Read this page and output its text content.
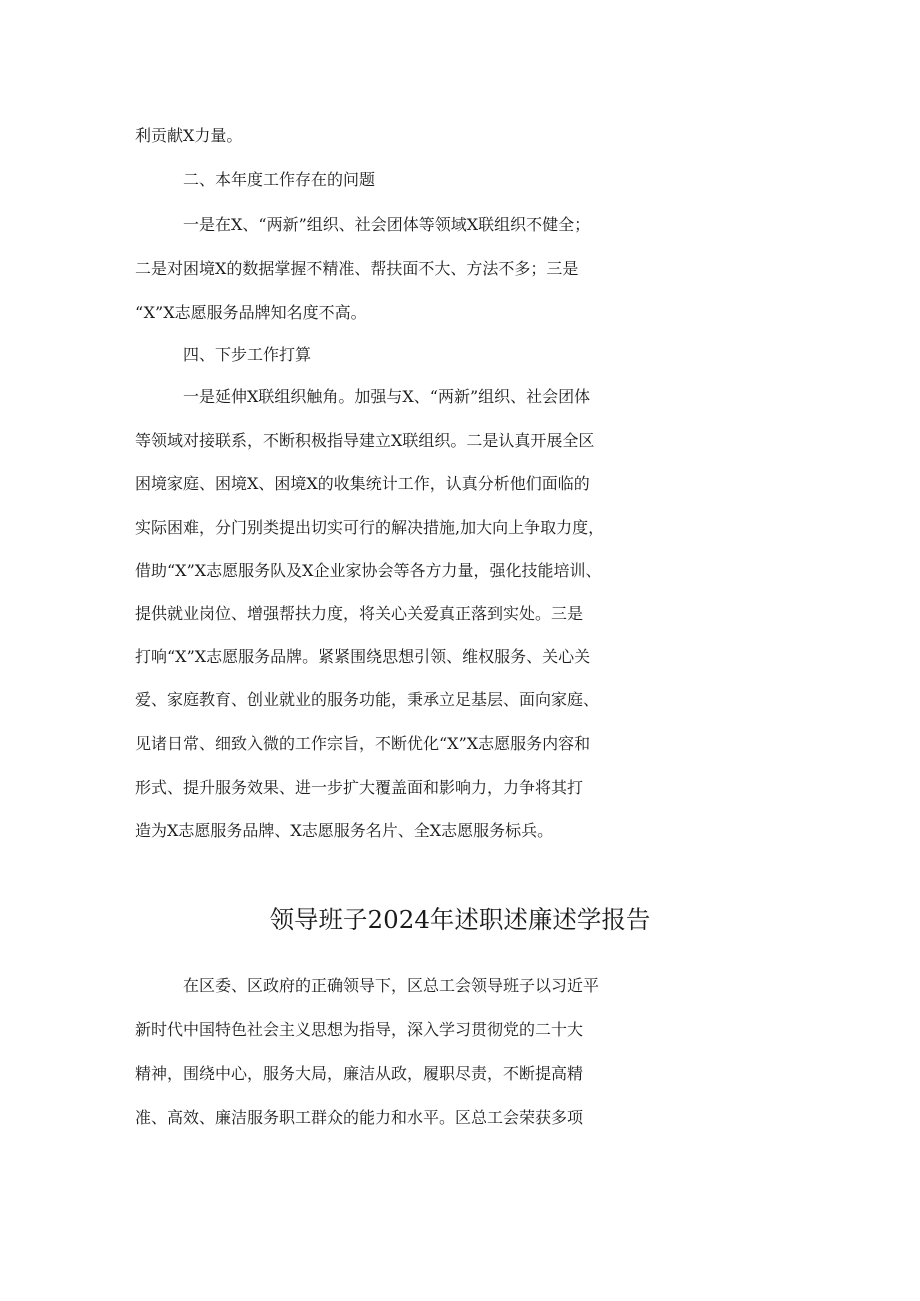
利贡献X力量。
二、本年度工作存在的问题
一是在X、“两新”组织、社会团体等领域X联组织不健全；
二是对困境X的数据掌握不精准、帮扶面不大、方法不多；三是
“X”X志愿服务品牌知名度不高。
四、下步工作打算
一是延伸X联组织触角。加强与X、“两新”组织、社会团体
等领域对接联系，不断积极指导建立X联组织。二是认真开展全区
困境家庭、困境X、困境X的收集统计工作，认真分析他们面临的
实际困难，分门别类提出切实可行的解决措施,加大向上争取力度，
借助“X”X志愿服务队及X企业家协会等各方力量，强化技能培训、
提供就业岗位、增强帮扶力度，将关心关爱真正落到实处。三是
打响“X”X志愿服务品牌。紧紧围绕思想引领、维权服务、关心关
爱、家庭教育、创业就业的服务功能，秉承立足基层、面向家庭、
见诸日常、细致入微的工作宗旨，不断优化“X”X志愿服务内容和
形式、提升服务效果、进一步扩大覆盖面和影响力，力争将其打
造为X志愿服务品牌、X志愿服务名片、全X志愿服务标兵。
领导班子2024年述职述廉述学报告
在区委、区政府的正确领导下，区总工会领导班子以习近平
新时代中国特色社会主义思想为指导，深入学习贯彻党的二十大
精神，围绕中心，服务大局，廉洁从政，履职尽责，不断提高精
准、高效、廉洁服务职工群众的能力和水平。区总工会荣获多项
